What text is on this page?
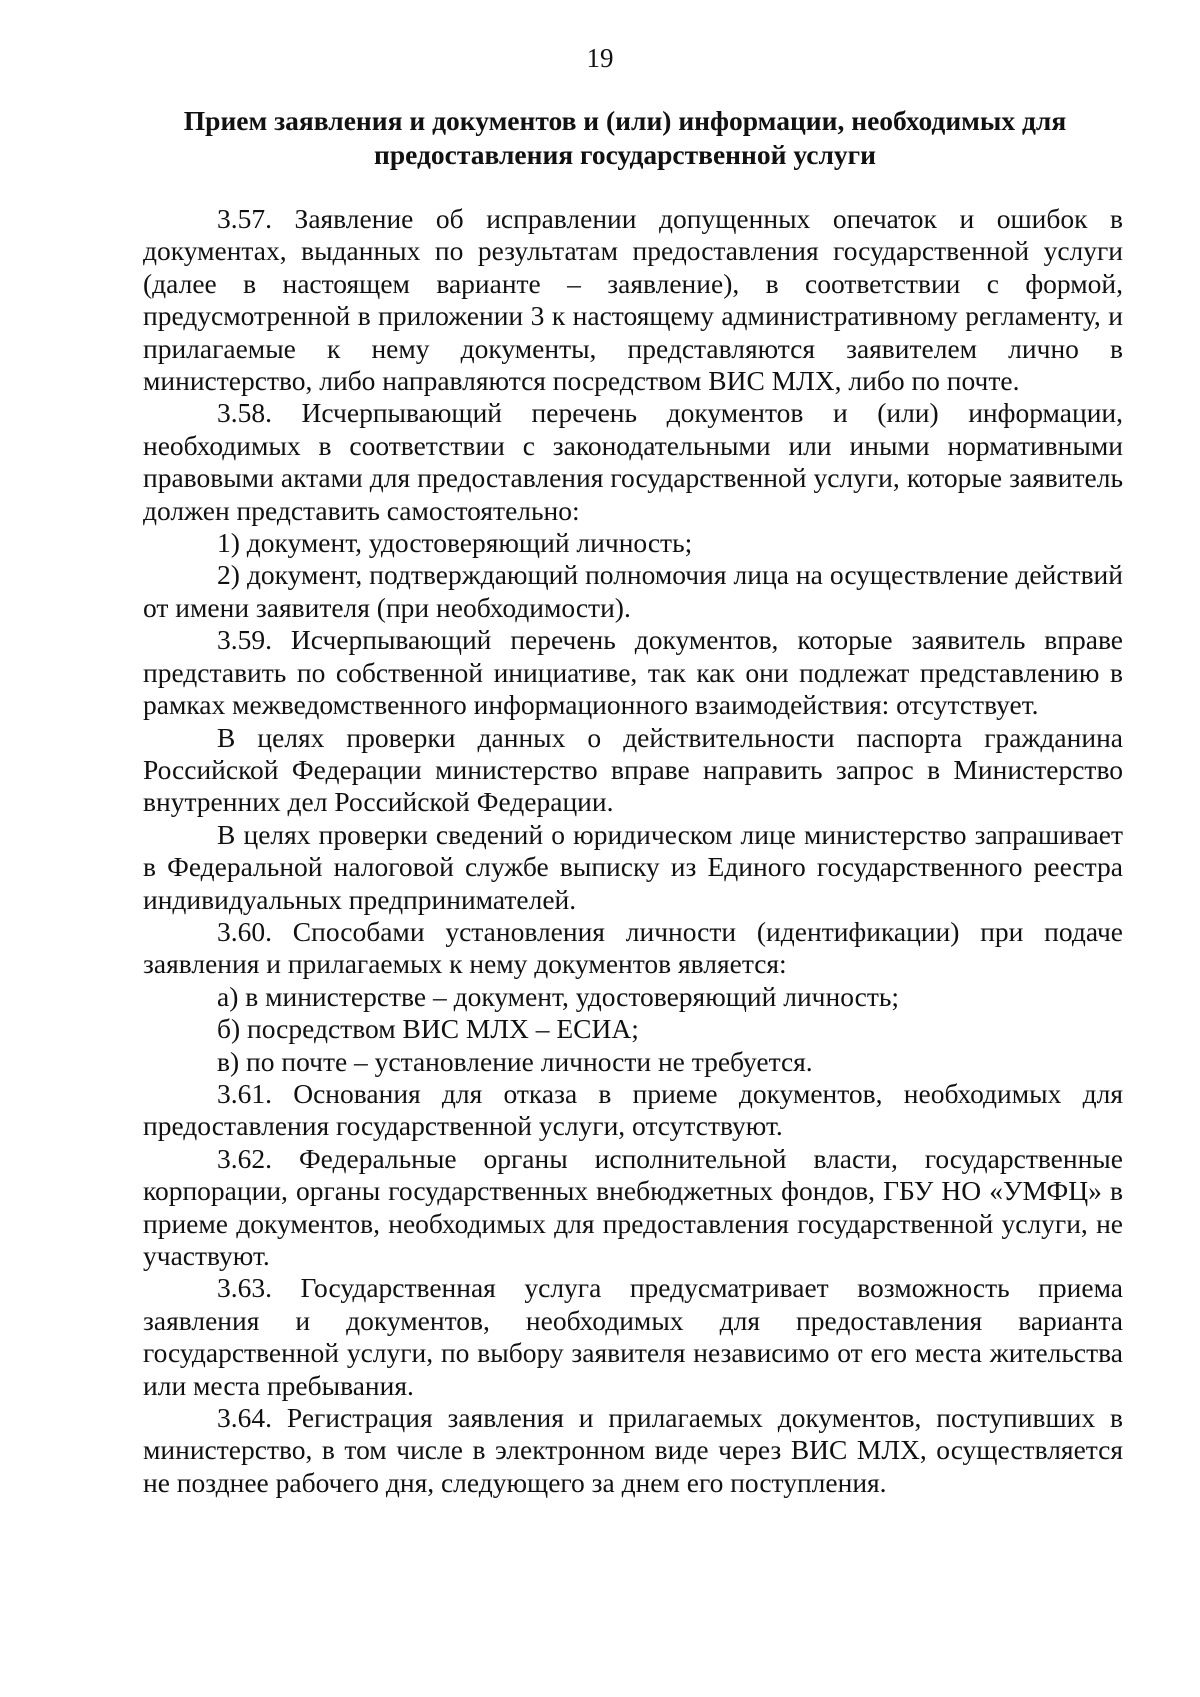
19
Прием заявления и документов и (или) информации, необходимых для предоставления государственной услуги

3.57. Заявление об исправлении допущенных опечаток и ошибок в документах, выданных по результатам предоставления государственной услуги (далее в настоящем варианте – заявление), в соответствии с формой, предусмотренной в приложении 3 к настоящему административному регламенту, и прилагаемые к нему документы, представляются заявителем лично в министерство, либо направляются посредством ВИС МЛХ, либо по почте.

3.58. Исчерпывающий перечень документов и (или) информации, необходимых в соответствии с законодательными или иными нормативными правовыми актами для предоставления государственной услуги, которые заявитель должен представить самостоятельно:

1) документ, удостоверяющий личность;

2) документ, подтверждающий полномочия лица на осуществление действий от имени заявителя (при необходимости).

3.59. Исчерпывающий перечень документов, которые заявитель вправе представить по собственной инициативе, так как они подлежат представлению в рамках межведомственного информационного взаимодействия: отсутствует.

В целях проверки данных о действительности паспорта гражданина Российской Федерации министерство вправе направить запрос в Министерство внутренних дел Российской Федерации.

В целях проверки сведений о юридическом лице министерство запрашивает в Федеральной налоговой службе выписку из Единого государственного реестра индивидуальных предпринимателей.

3.60. Способами установления личности (идентификации) при подаче заявления и прилагаемых к нему документов является:

а) в министерстве – документ, удостоверяющий личность;

б) посредством ВИС МЛХ – ЕСИА;

в) по почте – установление личности не требуется.

3.61. Основания для отказа в приеме документов, необходимых для предоставления государственной услуги, отсутствуют.

3.62. Федеральные органы исполнительной власти, государственные корпорации, органы государственных внебюджетных фондов, ГБУ НО «УМФЦ» в приеме документов, необходимых для предоставления государственной услуги, не участвуют.

3.63. Государственная услуга предусматривает возможность приема заявления и документов, необходимых для предоставления варианта государственной услуги, по выбору заявителя независимо от его места жительства или места пребывания.

3.64. Регистрация заявления и прилагаемых документов, поступивших в министерство, в том числе в электронном виде через ВИС МЛХ, осуществляется не позднее рабочего дня, следующего за днем его поступления.
